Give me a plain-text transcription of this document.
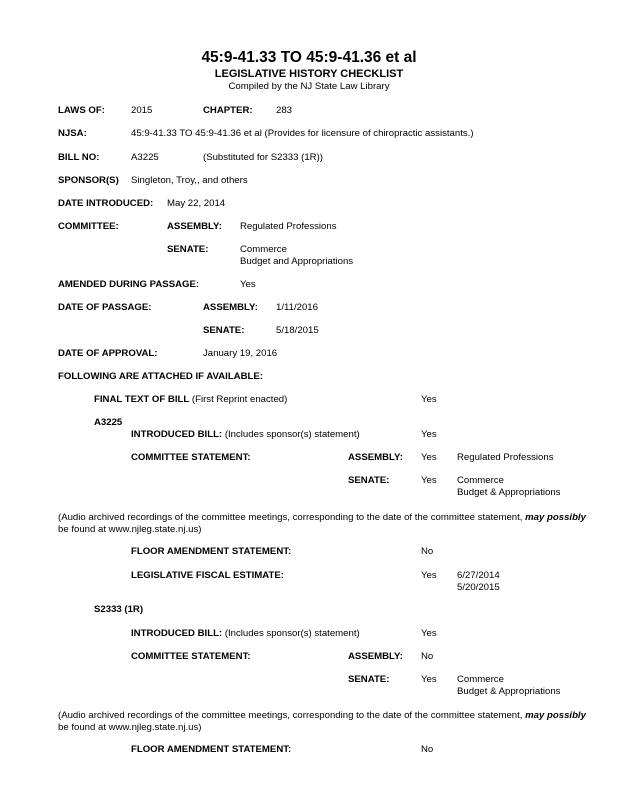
45:9-41.33 TO 45:9-41.36 et al
LEGISLATIVE HISTORY CHECKLIST
Compiled by the NJ State Law Library
LAWS OF:	2015	CHAPTER: 283
NJSA:	45:9-41.33 TO 45:9-41.36 et al (Provides for licensure of chiropractic assistants.)
BILL NO:	A3225	(Substituted for S2333 (1R))
SPONSOR(S) Singleton, Troy,, and others
DATE INTRODUCED: May 22, 2014
COMMITTEE:	ASSEMBLY: Regulated Professions
SENATE:	Commerce
Budget and Appropriations
AMENDED DURING PASSAGE:	Yes
DATE OF PASSAGE:	ASSEMBLY: 1/11/2016
SENATE:	5/18/2015
DATE OF APPROVAL:	January 19, 2016
FOLLOWING ARE ATTACHED IF AVAILABLE:
FINAL TEXT OF BILL (First Reprint enacted)	Yes
A3225
INTRODUCED BILL: (Includes sponsor(s) statement)	Yes
COMMITTEE STATEMENT:	ASSEMBLY: Yes Regulated Professions
SENATE:	Yes Commerce
Budget & Appropriations
(Audio archived recordings of the committee meetings, corresponding to the date of the committee statement, may possibly
be found at www.njleg.state.nj.us)
FLOOR AMENDMENT STATEMENT:	No
LEGISLATIVE FISCAL ESTIMATE:	Yes 6/27/2014
5/20/2015
S2333 (1R)
INTRODUCED BILL: (Includes sponsor(s) statement)	Yes
COMMITTEE STATEMENT:	ASSEMBLY: No
SENATE:	Yes Commerce
Budget & Appropriations
(Audio archived recordings of the committee meetings, corresponding to the date of the committee statement, may possibly
be found at www.njleg.state.nj.us)
FLOOR AMENDMENT STATEMENT:	No
